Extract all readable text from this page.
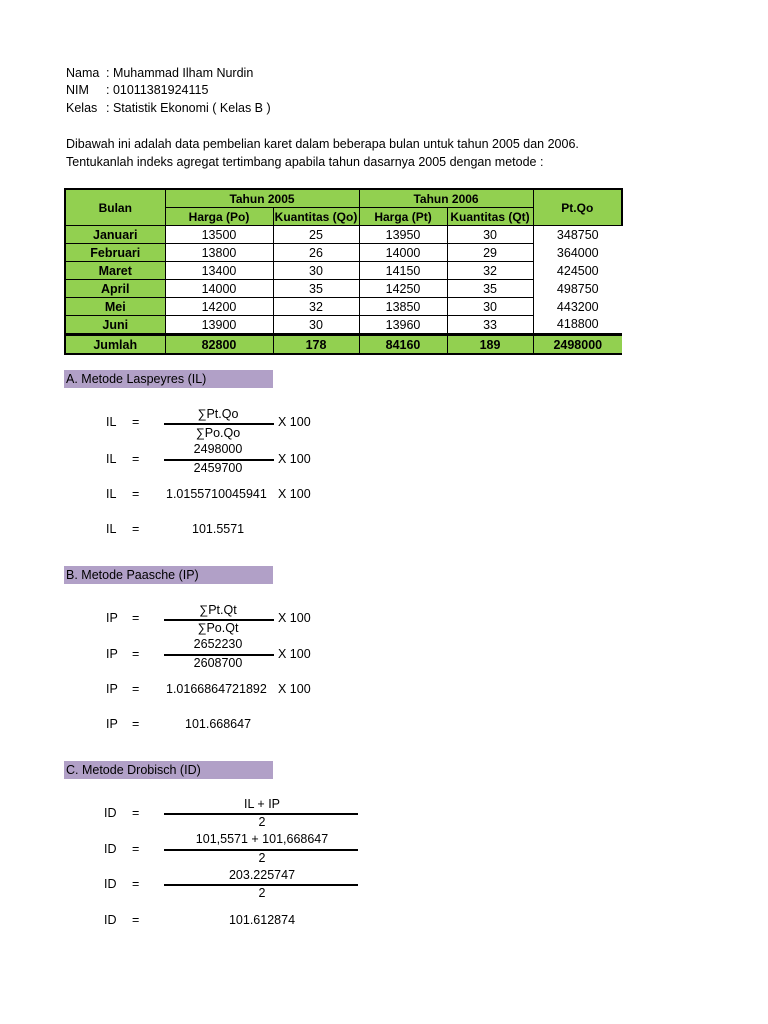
Nama : Muhammad Ilham Nurdin
NIM : 01011381924115
Kelas : Statistik Ekonomi ( Kelas B )
Dibawah ini adalah data pembelian karet dalam beberapa bulan untuk tahun 2005 dan 2006.
Tentukanlah indeks agregat tertimbang apabila tahun dasarnya 2005 dengan metode :
Bulan	Tahun 2005		Tahun 2006		Pt.Qo
	Harga (Po)	Kuantitas (Qo)	Harga (Pt)	Kuantitas (Qt)	
Januari	13500	25	13950	30	348750
Februari	13800	26	14000	29	364000
Maret	13400	30	14150	32	424500
April	14000	35	14250	35	498750
Mei	14200	32	13850	30	443200
Juni	13900	30	13960	33	418800
Jumlah	82800	178	84160	189	2498000
A. Metode Laspeyres (IL)
IL =
∑Pt.Qo
∑Po.Qo
X 100
IL =
2498000
2459700
X 100
IL = 1.0155710045941 X 100
IL =	101.5571
B. Metode Paasche (IP)
IP =
∑Pt.Qt
∑Po.Qt
X 100
IP =
2652230
2608700
X 100
IP = 1.0166864721892 X 100
IP =	101.668647
C. Metode Drobisch (ID)
ID =
IL + IP
2
ID =
101,5571 + 101,668647
2
ID =
203.225747
2
ID =	101.612874
